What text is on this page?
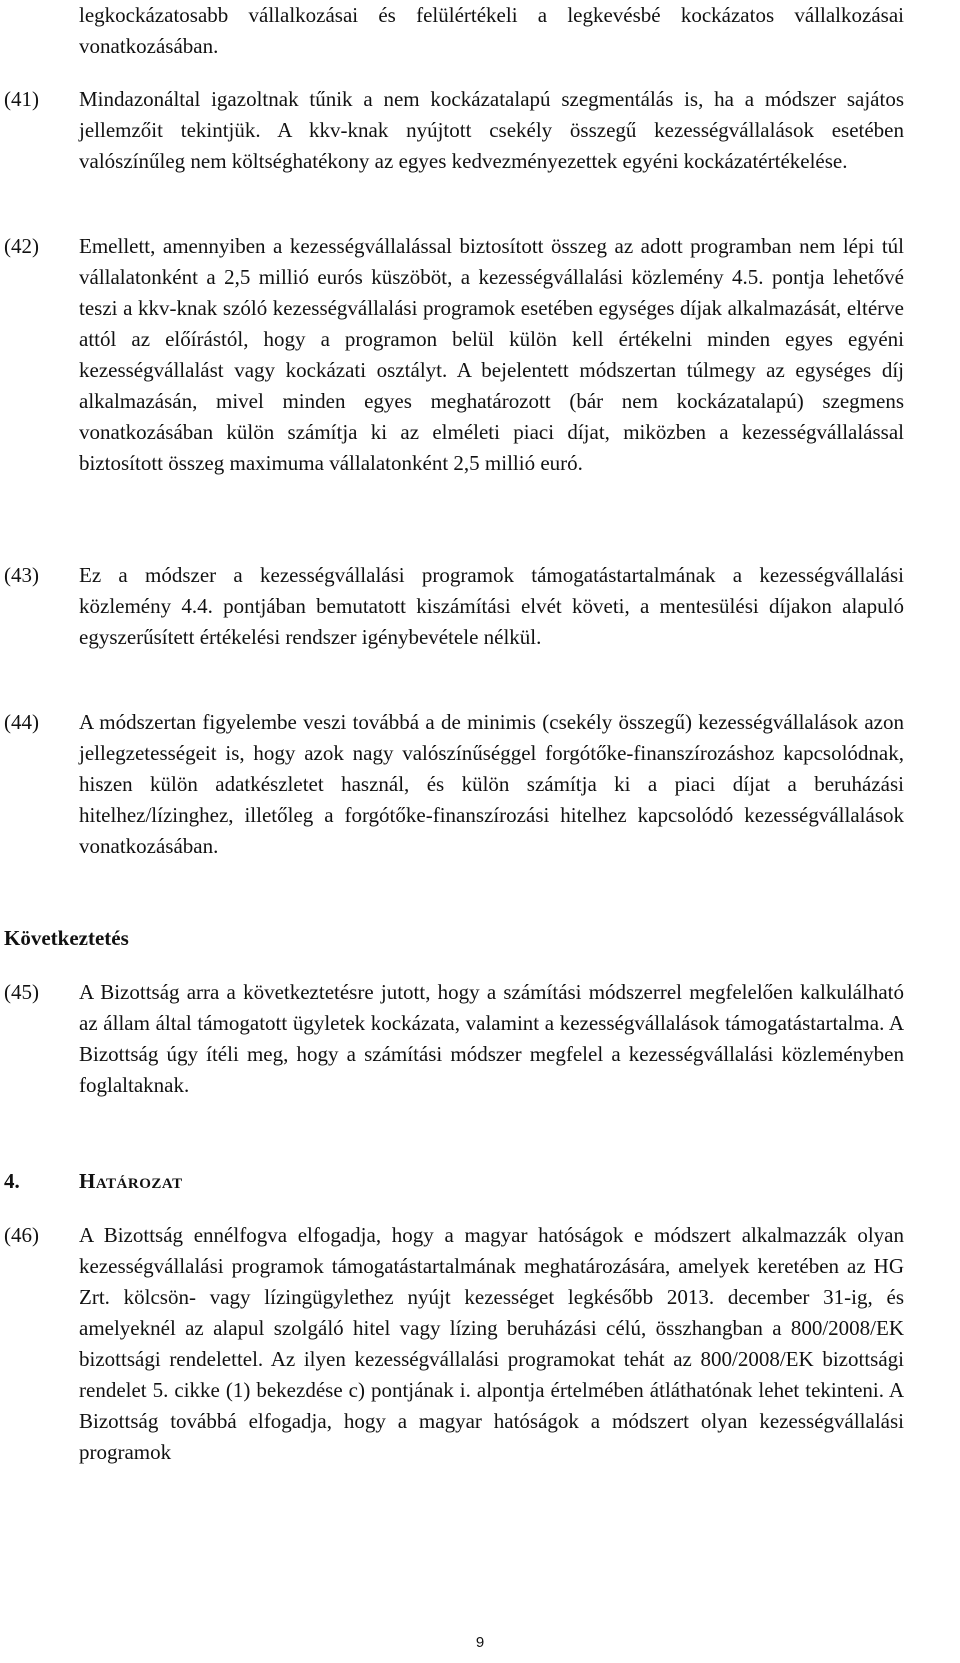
legkockázatosabb vállalkozásai és felülértékeli a legkevésbé kockázatos vállalkozásai vonatkozásában.
(41) Mindazonáltal igazoltnak tűnik a nem kockázatalapú szegmentálás is, ha a módszer sajátos jellemzőit tekintjük. A kkv-knak nyújtott csekély összegű kezességvállalások esetében valószínűleg nem költséghatékony az egyes kedvezményezettek egyéni kockázatértékelése.
(42) Emellett, amennyiben a kezességvállalással biztosított összeg az adott programban nem lépi túl vállalatonként a 2,5 millió eurós küszöböt, a kezességvállalási közlemény 4.5. pontja lehetővé teszi a kkv-knak szóló kezességvállalási programok esetében egységes díjak alkalmazását, eltérve attól az előírástól, hogy a programon belül külön kell értékelni minden egyes egyéni kezességvállalást vagy kockázati osztályt. A bejelentett módszertan túlmegy az egységes díj alkalmazásán, mivel minden egyes meghatározott (bár nem kockázatalapú) szegmens vonatkozásában külön számítja ki az elméleti piaci díjat, miközben a kezességvállalással biztosított összeg maximuma vállalatonként 2,5 millió euró.
(43) Ez a módszer a kezességvállalási programok támogatástartalmának a kezességvállalási közlemény 4.4. pontjában bemutatott kiszámítási elvét követi, a mentesülési díjakon alapuló egyszerűsített értékelési rendszer igénybevétele nélkül.
(44) A módszertan figyelembe veszi továbbá a de minimis (csekély összegű) kezességvállalások azon jellegzetességeit is, hogy azok nagy valószínűséggel forgótőke-finanszírozáshoz kapcsolódnak, hiszen külön adatkészletet használ, és külön számítja ki a piaci díjat a beruházási hitelhez/lízinghez, illetőleg a forgótőke-finanszírozási hitelhez kapcsolódó kezességvállalások vonatkozásában.
Következtetés
(45) A Bizottság arra a következtetésre jutott, hogy a számítási módszerrel megfelelően kalkulálható az állam által támogatott ügyletek kockázata, valamint a kezességvállalások támogatástartalma. A Bizottság úgy ítéli meg, hogy a számítási módszer megfelel a kezességvállalási közleményben foglaltaknak.
4.	Határozat
(46) A Bizottság ennélfogva elfogadja, hogy a magyar hatóságok e módszert alkalmazzák olyan kezességvállalási programok támogatástartalmának meghatározására, amelyek keretében az HG Zrt. kölcsön- vagy lízingügylethez nyújt kezességet legkésőbb 2013. december 31-ig, és amelyeknél az alapul szolgáló hitel vagy lízing beruházási célú, összhangban a 800/2008/EK bizottsági rendelettel. Az ilyen kezességvállalási programokat tehát az 800/2008/EK bizottsági rendelet 5. cikke (1) bekezdése c) pontjának i. alpontja értelmében átláthatónak lehet tekinteni. A Bizottság továbbá elfogadja, hogy a magyar hatóságok a módszert olyan kezességvállalási programok
9
